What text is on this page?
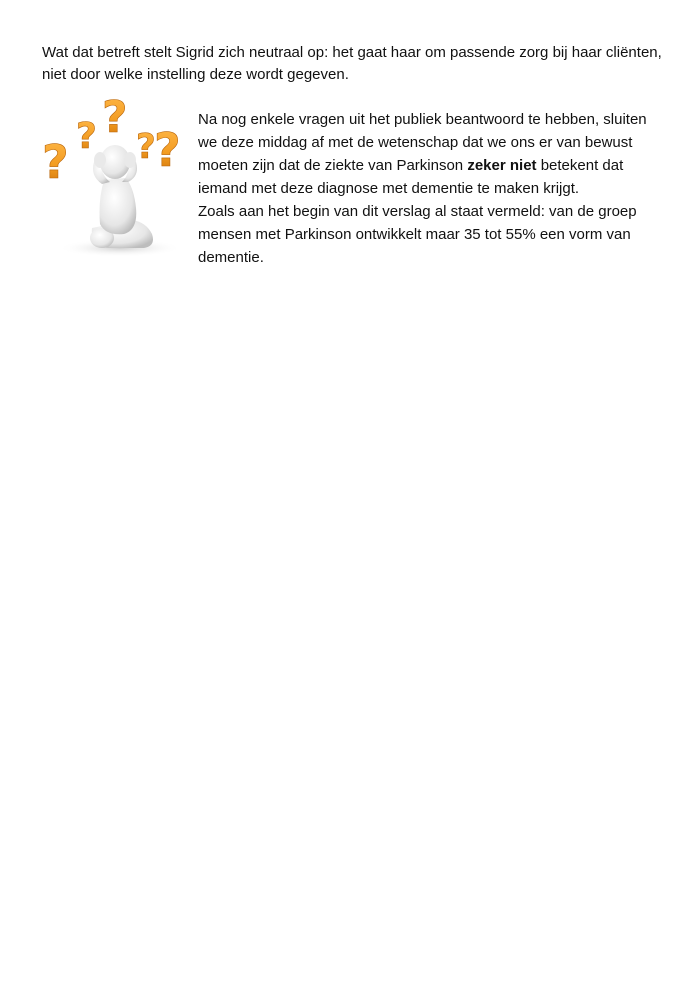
Wat dat betreft stelt Sigrid zich neutraal op: het gaat haar om passende zorg bij haar cliënten, niet door welke instelling deze wordt gegeven.

? ? ?
?
?

Na nog enkele vragen uit het publiek beantwoord te hebben, sluiten we deze middag af met de wetenschap dat we ons er van bewust moeten zijn dat de ziekte van Parkinson zeker niet betekent dat iemand met deze diagnose met dementie te maken krijgt.
Zoals aan het begin van dit verslag al staat vermeld: van de groep mensen met Parkinson ontwikkelt maar 35 tot 55% een vorm van dementie.
